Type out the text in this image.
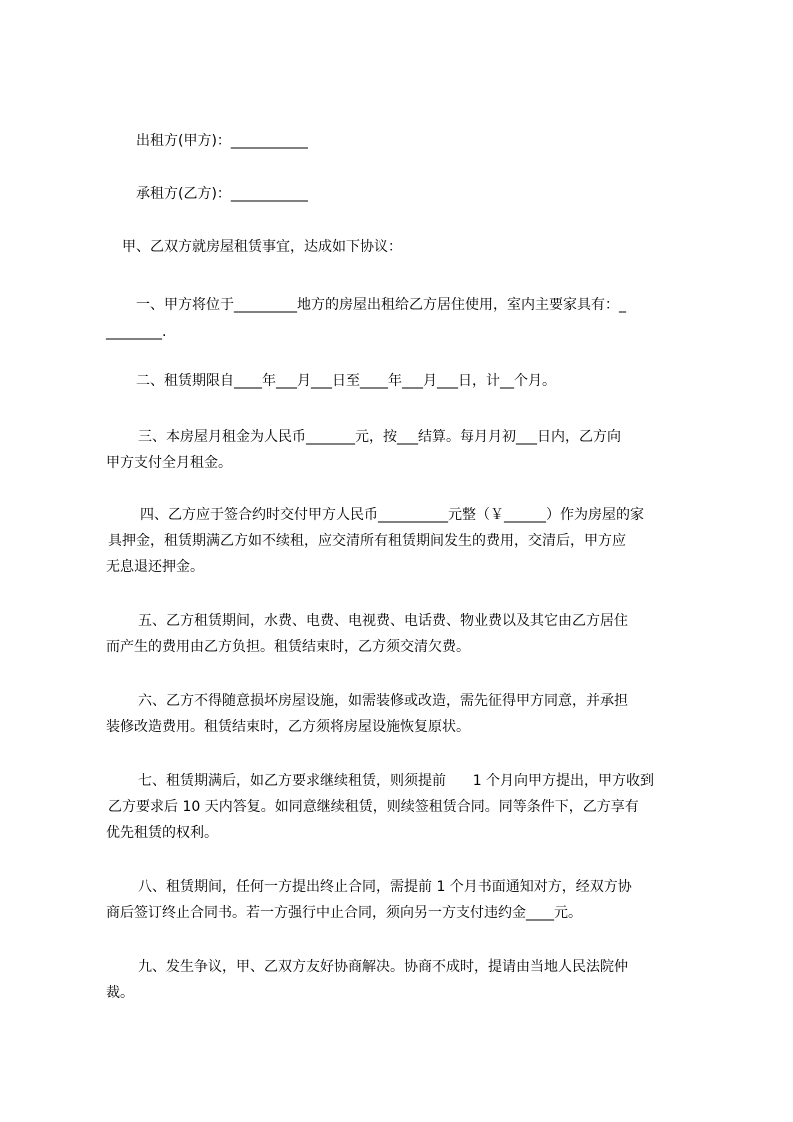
出租方(甲方)：___________
承租方(乙方)：___________
甲、乙双方就房屋租赁事宜，达成如下协议：
一、甲方将位于_________地方的房屋出租给乙方居住使用，室内主要家具有：_
________.
二、租赁期限自____年___月___日至____年___月___日，计__个月。
三、本房屋月租金为人民币_______元，按___结算。每月月初___日内，乙方向
甲方支付全月租金。
四、乙方应于签合约时交付甲方人民币__________元整（￥______）作为房屋的家
具押金，租赁期满乙方如不续租，应交清所有租赁期间发生的费用，交清后，甲方应
无息退还押金。
五、乙方租赁期间，水费、电费、电视费、电话费、物业费以及其它由乙方居住
而产生的费用由乙方负担。租赁结束时，乙方须交清欠费。
六、乙方不得随意损坏房屋设施，如需装修或改造，需先征得甲方同意，并承担
装修改造费用。租赁结束时，乙方须将房屋设施恢复原状。
七、租赁期满后，如乙方要求继续租赁，则须提前      1 个月向甲方提出，甲方收到
乙方要求后 10 天内答复。如同意继续租赁，则续签租赁合同。同等条件下，乙方享有
优先租赁的权利。
八、租赁期间，任何一方提出终止合同，需提前 1 个月书面通知对方，经双方协
商后签订终止合同书。若一方强行中止合同，须向另一方支付违约金____元。
九、发生争议，甲、乙双方友好协商解决。协商不成时，提请由当地人民法院仲
裁。
